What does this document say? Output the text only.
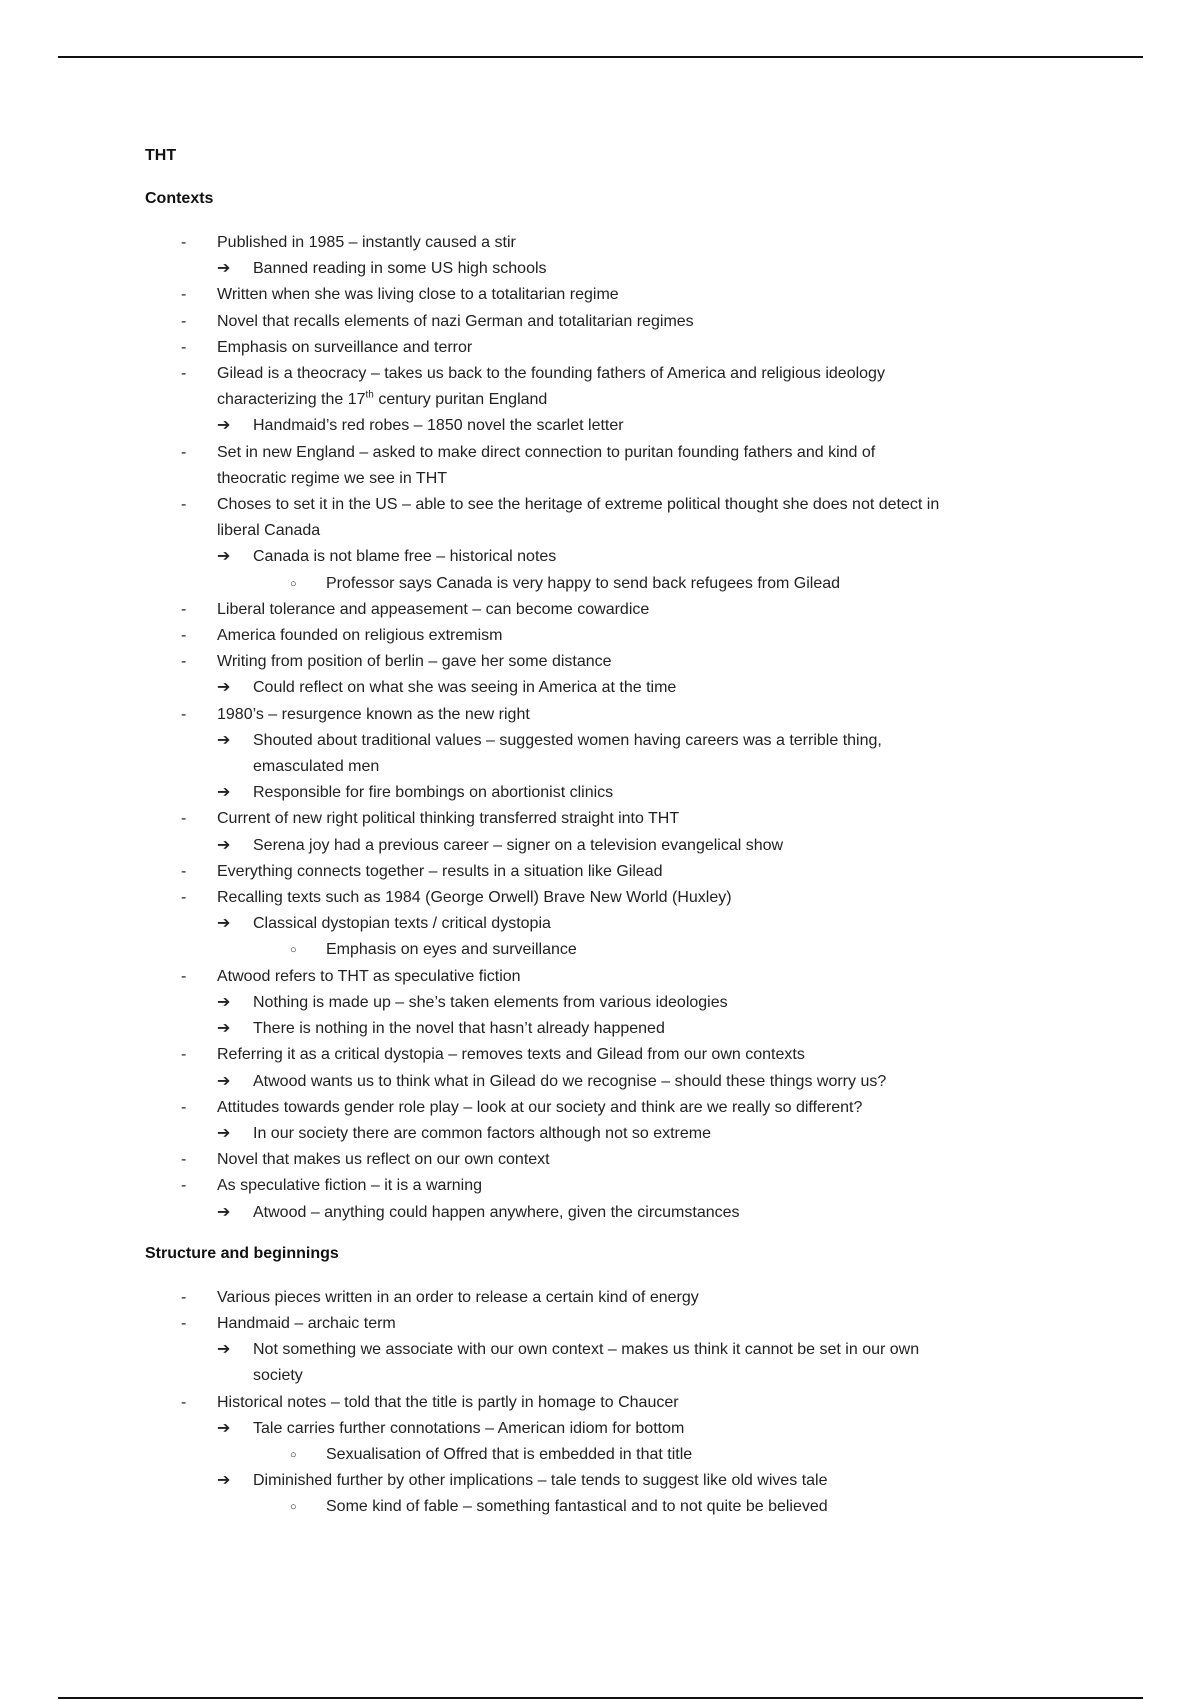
THT

Contexts

-	Published in 1985 – instantly caused a stir
➔	Banned reading in some US high schools
-	Written when she was living close to a totalitarian regime
-	Novel that recalls elements of nazi German and totalitarian regimes
-	Emphasis on surveillance and terror
-	Gilead is a theocracy – takes us back to the founding fathers of America and religious ideology
characterizing the 17th century puritan England
➔	Handmaid’s red robes – 1850 novel the scarlet letter
-	Set in new England – asked to make direct connection to puritan founding fathers and kind of
theocratic regime we see in THT
-	Choses to set it in the US – able to see the heritage of extreme political thought she does not detect in
liberal Canada
➔	Canada is not blame free – historical notes
○	Professor says Canada is very happy to send back refugees from Gilead
-	Liberal tolerance and appeasement – can become cowardice
-	America founded on religious extremism
-	Writing from position of berlin – gave her some distance
➔	Could reflect on what she was seeing in America at the time
-	1980’s – resurgence known as the new right
➔	Shouted about traditional values – suggested women having careers was a terrible thing,
emasculated men
➔	Responsible for fire bombings on abortionist clinics
-	Current of new right political thinking transferred straight into THT
➔	Serena joy had a previous career – signer on a television evangelical show
-	Everything connects together – results in a situation like Gilead
-	Recalling texts such as 1984 (George Orwell) Brave New World (Huxley)
➔	Classical dystopian texts / critical dystopia
○	Emphasis on eyes and surveillance
-	Atwood refers to THT as speculative fiction
➔	Nothing is made up – she’s taken elements from various ideologies
➔	There is nothing in the novel that hasn’t already happened
-	Referring it as a critical dystopia – removes texts and Gilead from our own contexts
➔	Atwood wants us to think what in Gilead do we recognise – should these things worry us?
-	Attitudes towards gender role play – look at our society and think are we really so different?
➔	In our society there are common factors although not so extreme
-	Novel that makes us reflect on our own context
-	As speculative fiction – it is a warning
➔	Atwood – anything could happen anywhere, given the circumstances

Structure and beginnings

-	Various pieces written in an order to release a certain kind of energy
-	Handmaid – archaic term
➔	Not something we associate with our own context – makes us think it cannot be set in our own
society
-	Historical notes – told that the title is partly in homage to Chaucer
➔	Tale carries further connotations – American idiom for bottom
○	Sexualisation of Offred that is embedded in that title
➔	Diminished further by other implications – tale tends to suggest like old wives tale
○	Some kind of fable – something fantastical and to not quite be believed
